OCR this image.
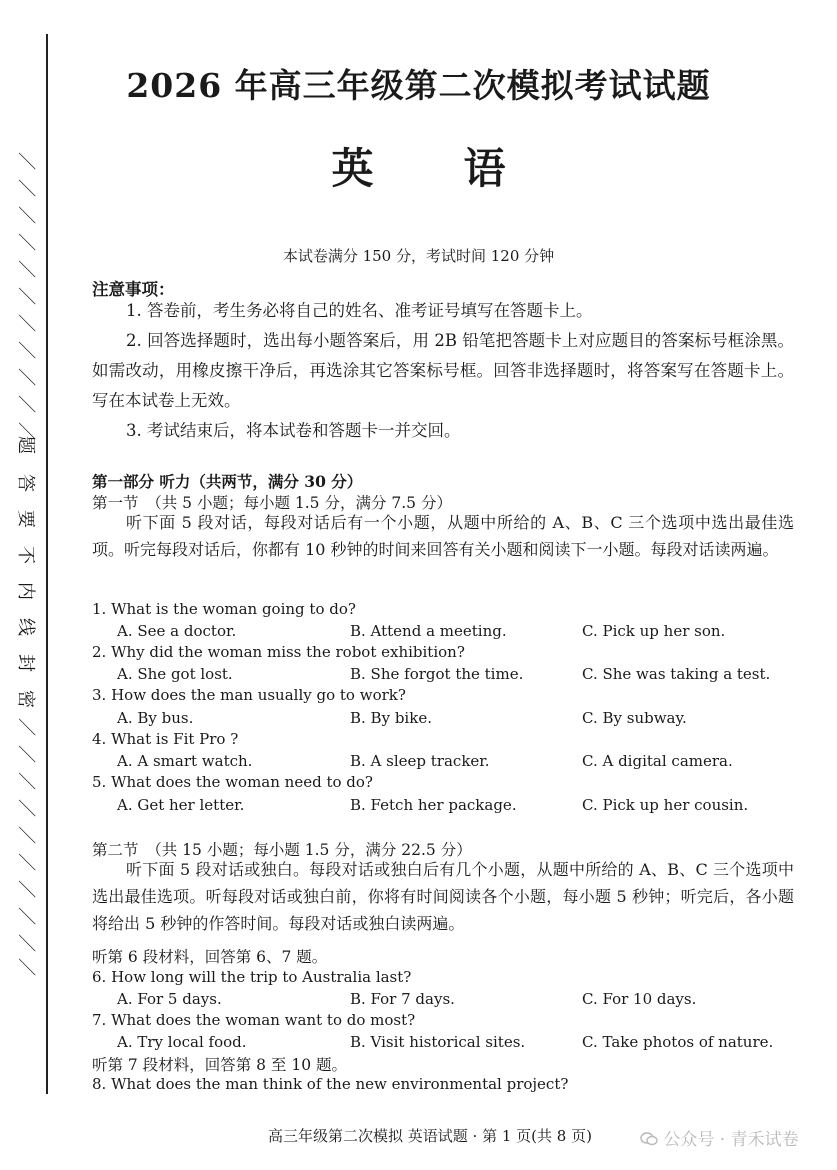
／
／
／
／
／
／
／
／
／
／
／
题
答
要
不
内
线
封
密
／
／
／
／
／
／
／
／
／
／
2026 年高三年级第二次模拟考试试题
英语
本试卷满分 150 分，考试时间 120 分钟
注意事项：

1. 答卷前，考生务必将自己的姓名、准考证号填写在答题卡上。

2. 回答选择题时，选出每小题答案后，用 2B 铅笔把答题卡上对应题目的答案标号框涂黑。如需改动，用橡皮擦干净后，再选涂其它答案标号框。回答非选择题时，将答案写在答题卡上。写在本试卷上无效。

3. 考试结束后，将本试卷和答题卡一并交回。

第一部分 听力（共两节，满分 30 分）
第一节　（共 5 小题；每小题 1.5 分，满分 7.5 分）

听下面 5 段对话，每段对话后有一个小题，从题中所给的 A、B、C 三个选项中选出最佳选项。听完每段对话后，你都有 10 秒钟的时间来回答有关小题和阅读下一小题。每段对话读两遍。

1. What is the woman going to do?
A. See a doctor.	B. Attend a meeting.	C. Pick up her son.
2. Why did the woman miss the robot exhibition?
A. She got lost.	B. She forgot the time.	C. She was taking a test.
3. How does the man usually go to work?
A. By bus.	B. By bike.	C. By subway.
4. What is Fit Pro ?
A. A smart watch.	B. A sleep tracker.	C. A digital camera.
5. What does the woman need to do?
A. Get her letter.	B. Fetch her package.	C. Pick up her cousin.
第二节　（共 15 小题；每小题 1.5 分，满分 22.5 分）

听下面 5 段对话或独白。每段对话或独白后有几个小题，从题中所给的 A、B、C 三个选项中选出最佳选项。听每段对话或独白前，你将有时间阅读各个小题，每小题 5 秒钟；听完后，各小题将给出 5 秒钟的作答时间。每段对话或独白读两遍。

听第 6 段材料，回答第 6、7 题。
6. How long will the trip to Australia last?
A. For 5 days.	B. For 7 days.	C. For 10 days.
7. What does the woman want to do most?
A. Try local food.	B. Visit historical sites.	C. Take photos of nature.
听第 7 段材料，回答第 8 至 10 题。
8. What does the man think of the new environmental project?
高三年级第二次模拟 英语试题 · 第 1 页(共 8 页)	公众号 · 青禾试卷
